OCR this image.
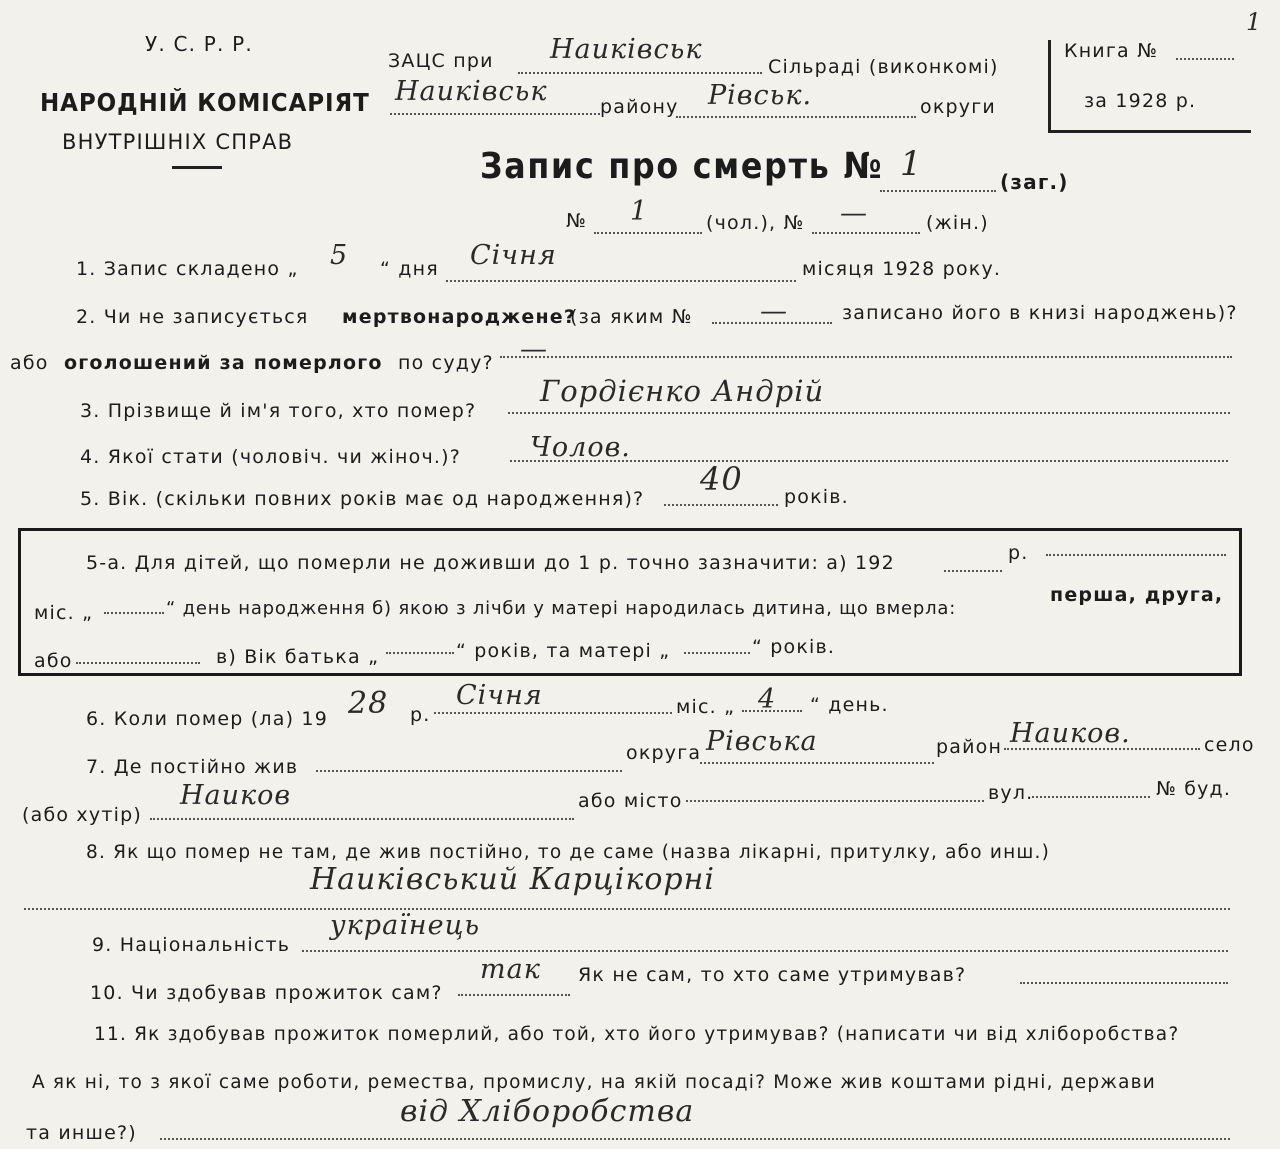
У. С. Р. Р.
НАРОДНІЙ КОМІСАРІЯТ
ВНУТРІШНІХ СПРАВ
ЗАЦС при Наиківськ
Сільраді (виконкомі)
Наиківськ	району Рівськ.	округи
Книга №
за 1928 р.
1
Запис про смерть № 1	(заг.)
№ 1	(чол.), № —	(жін.)
1. Запис складено „ 5 “ дня Січня	місяця 1928 року.
2. Чи не записується мертвонароджене?
(за яким № —	записано його в книзі народжень)?
або оголошений за померлого по суду? —
3. Прізвище й ім'я того, хто помер?
Гордієнко Андрій
4. Якої стати (чоловіч. чи жіноч.)?	Чолов.
5. Вік. (скільки повних років має од народження)?
40 років.
5-а. Для дітей, що померли не доживши до 1 р. точно зазначити: а) 192	р.
міс. „	“ день народження б) якою з лічби у матері народилась дитина, що вмерла:
перша, друга,
або	в) Вік батька „	“ років, та матері „	“ років.
6. Коли помер (ла) 19 28 р.
Січня	міс. „ 4 “ день.
7. Де постійно жив
округа Рівська	район Наиков.	село
(або хутір)
Наиков	або місто	вул.	№ буд.
8. Як що помер не там, де жив постійно, то де саме (назва лікарні, притулку, або инш.)
Наиківський Карцікорні
9. Національність
українець
10. Чи здобував прожиток сам?
так Як не сам, то хто саме утримував?
11. Як здобував прожиток померлий, або той, хто його утримував? (написати чи від хліборобства?
А як ні, то з якої саме роботи, ремества, промислу, на якій посаді? Може жив коштами рідні, держави
та инше?)
від Хліборобства
